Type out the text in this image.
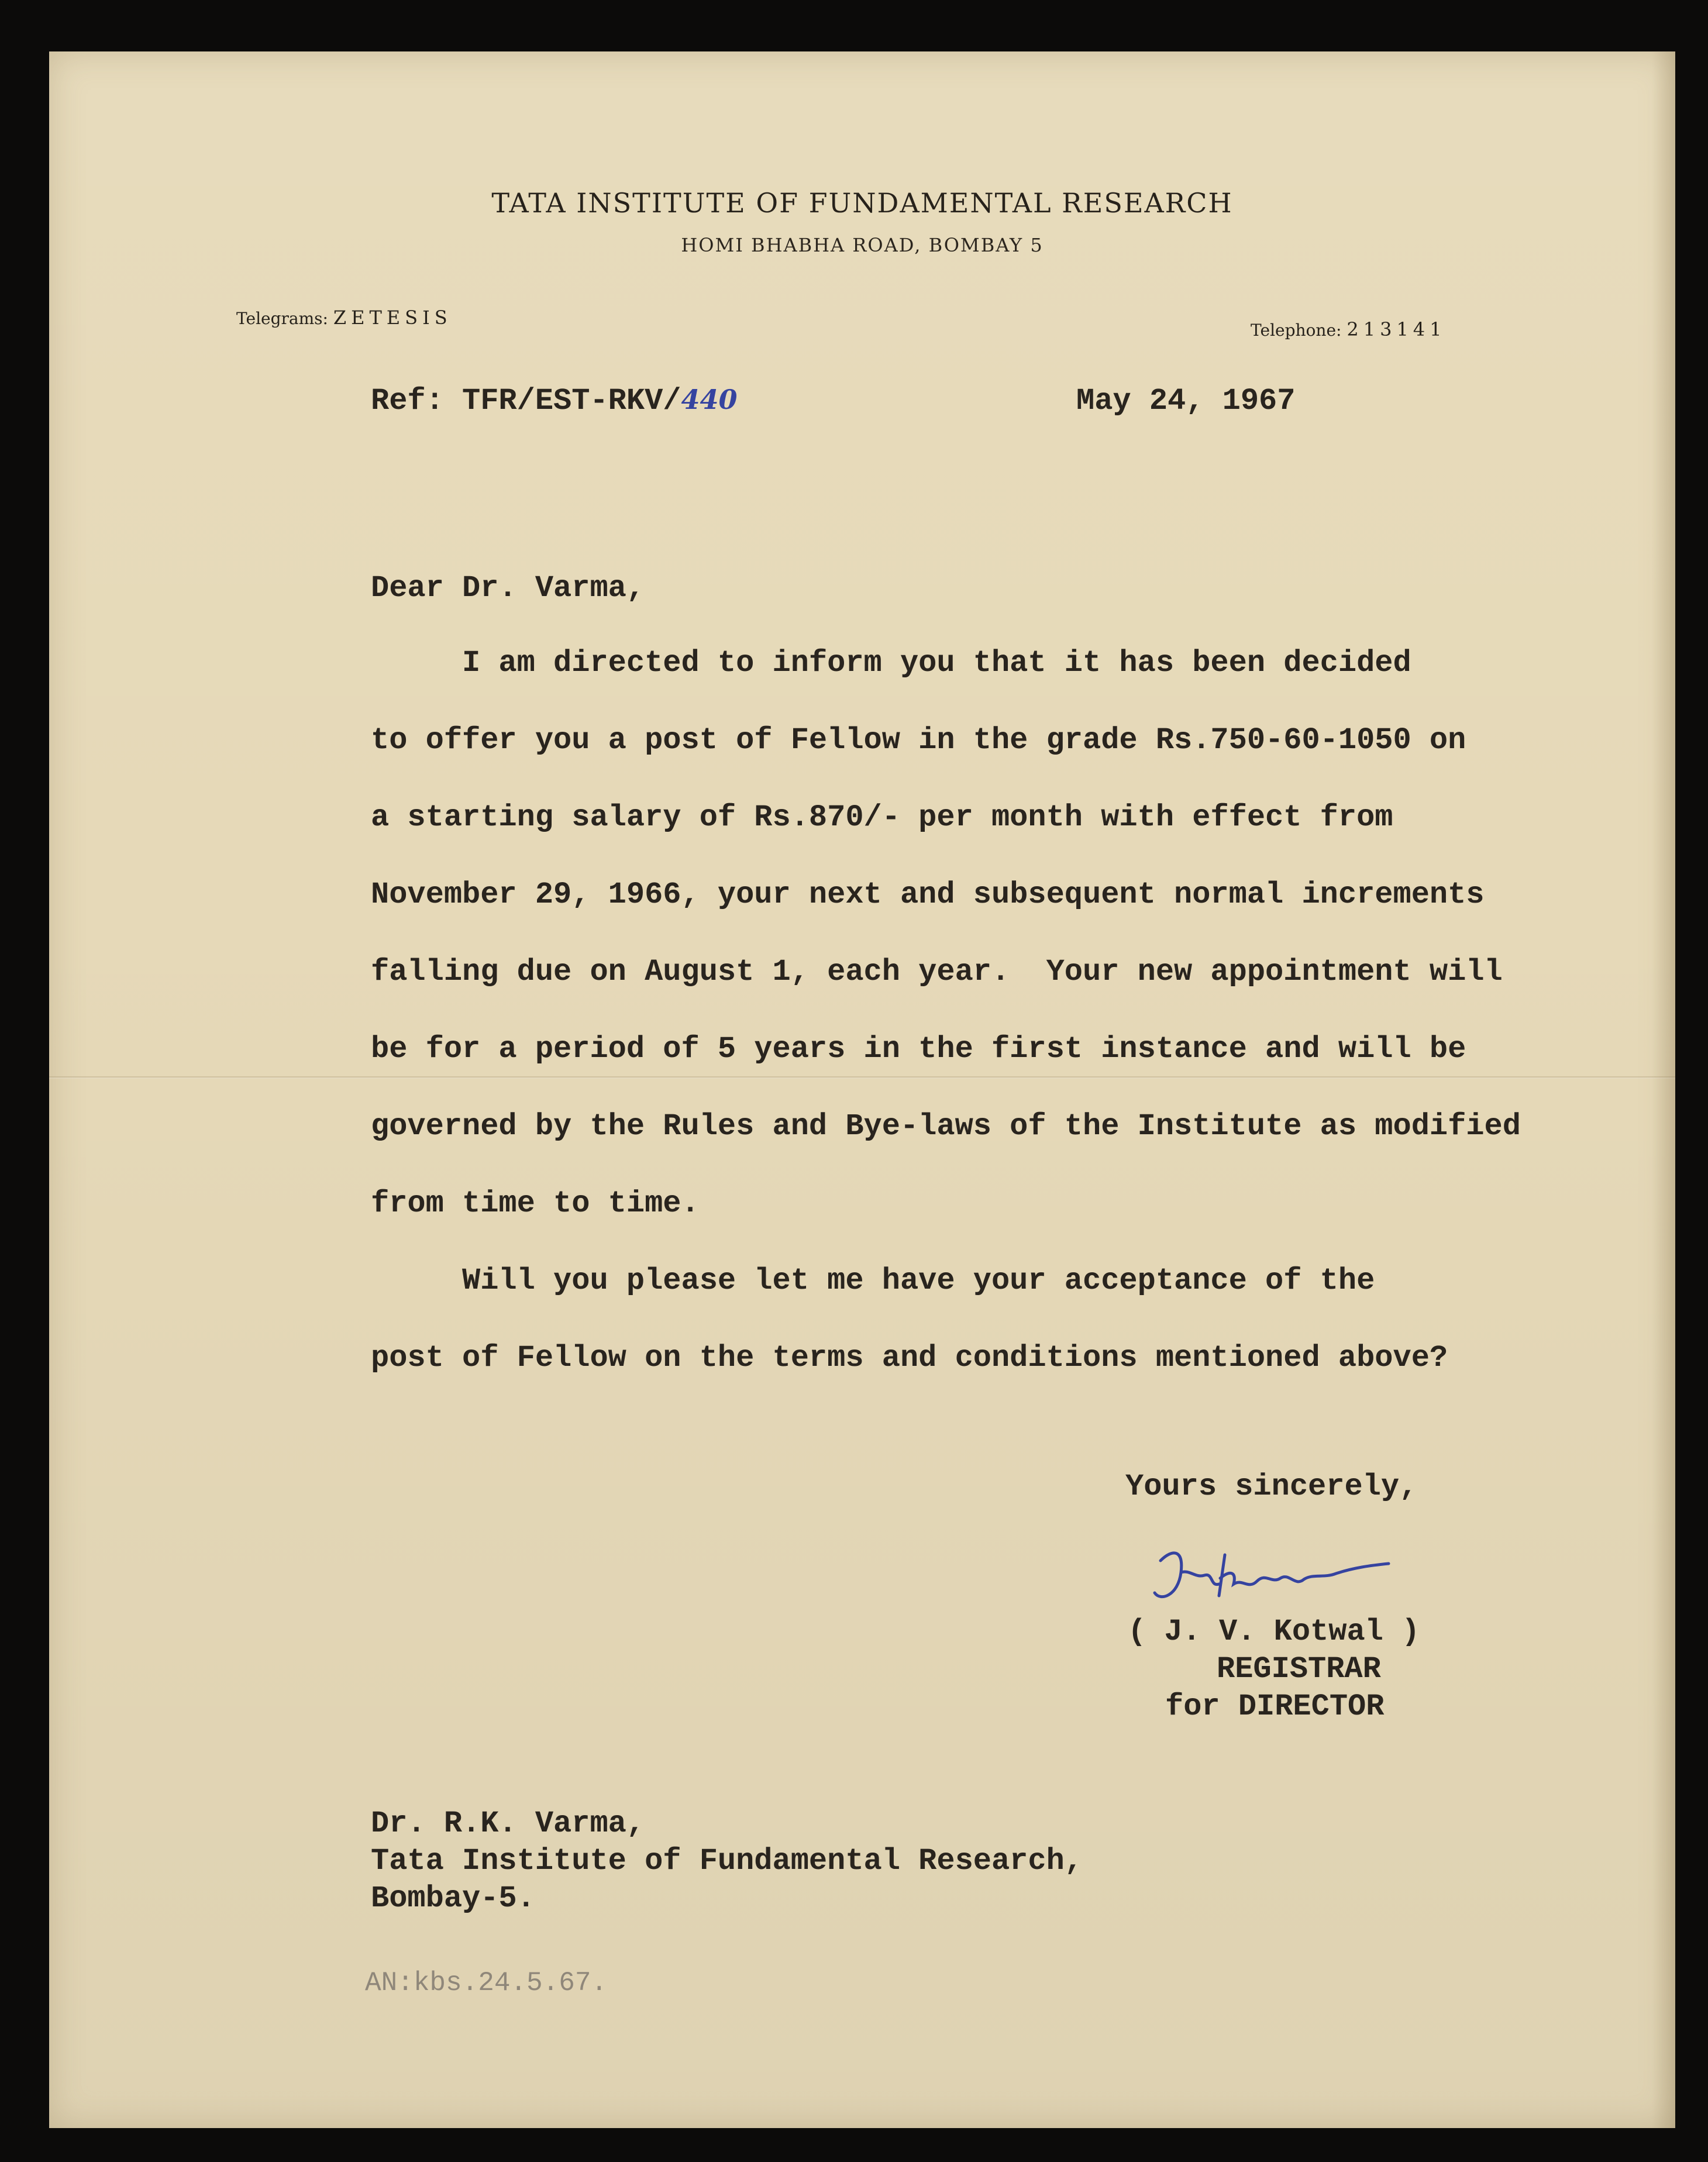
TATA INSTITUTE OF FUNDAMENTAL RESEARCH
HOMI BHABHA ROAD, BOMBAY 5
Telegrams: ZETESIS
Telephone: 213141
Ref: TFR/EST-RKV/440	May 24, 1967
Dear Dr. Varma,
I am directed to inform you that it has been decided
to offer you a post of Fellow in the grade Rs.750-60-1050 on
a starting salary of Rs.870/- per month with effect from
November 29, 1966, your next and subsequent normal increments
falling due on August 1, each year.  Your new appointment will
be for a period of 5 years in the first instance and will be
governed by the Rules and Bye-laws of the Institute as modified
from time to time.
Will you please let me have your acceptance of the
post of Fellow on the terms and conditions mentioned above?
Yours sincerely,
( J. V. Kotwal )
REGISTRAR
for DIRECTOR
Dr. R.K. Varma,
Tata Institute of Fundamental Research,
Bombay-5.
AN:kbs.24.5.67.
